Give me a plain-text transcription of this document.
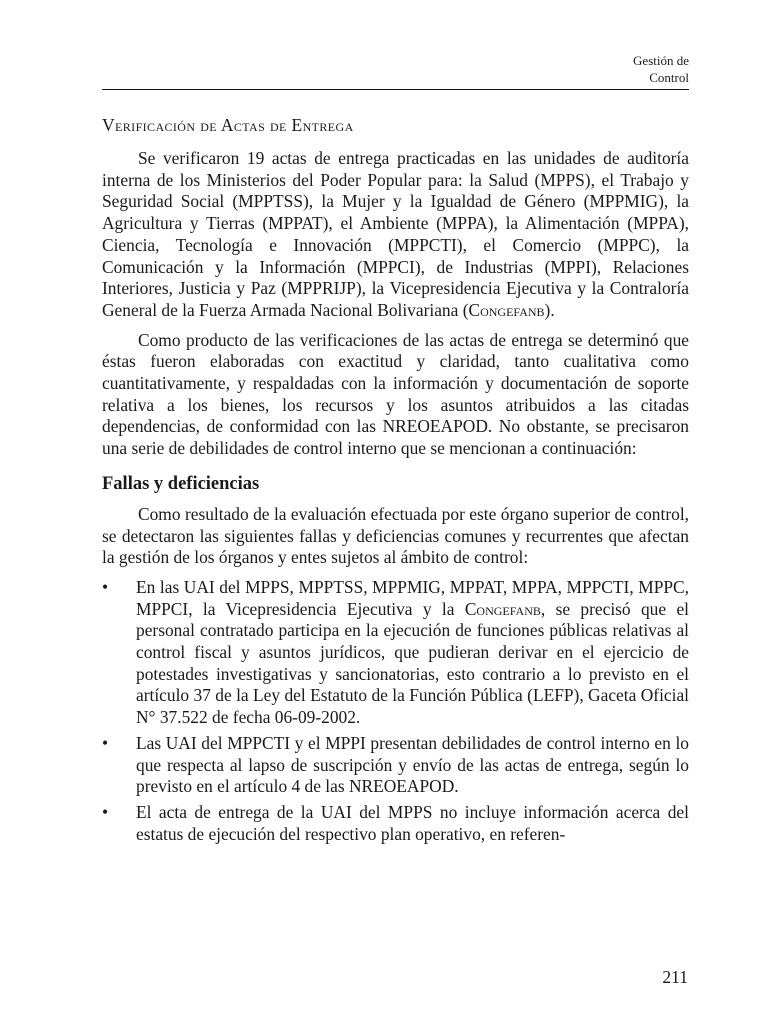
Gestión de
Control
Verificación de Actas de Entrega

Se verificaron 19 actas de entrega practicadas en las unidades de auditoría interna de los Ministerios del Poder Popular para: la Salud (MPPS), el Trabajo y Seguridad Social (MPPTSS), la Mujer y la Igualdad de Género (MPPMIG), la Agricultura y Tierras (MPPAT), el Ambiente (MPPA), la Alimentación (MPPA), Ciencia, Tecnología e Innovación (MPPCTI), el Comercio (MPPC), la Comunicación y la Información (MPPCI), de Industrias (MPPI), Relaciones Interiores, Justicia y Paz (MPPRIJP), la Vicepresidencia Ejecutiva y la Contraloría General de la Fuerza Armada Nacional Bolivariana (Congefanb).

Como producto de las verificaciones de las actas de entrega se determinó que éstas fueron elaboradas con exactitud y claridad, tanto cualitativa como cuantitativamente, y respaldadas con la información y documentación de soporte relativa a los bienes, los recursos y los asuntos atribuidos a las citadas dependencias, de conformidad con las NREOEAPOD. No obstante, se precisaron una serie de debilidades de control interno que se mencionan a continuación:

Fallas y deficiencias

Como resultado de la evaluación efectuada por este órgano superior de control, se detectaron las siguientes fallas y deficiencias comunes y recurrentes que afectan la gestión de los órganos y entes sujetos al ámbito de control:

• En las UAI del MPPS, MPPTSS, MPPMIG, MPPAT, MPPA, MPPCTI, MPPC, MPPCI, la Vicepresidencia Ejecutiva y la Congefanb, se precisó que el personal contratado participa en la ejecución de funciones públicas relativas al control fiscal y asuntos jurídicos, que pudieran derivar en el ejercicio de potestades investigativas y sancionatorias, esto contrario a lo previsto en el artículo 37 de la Ley del Estatuto de la Función Pública (LEFP), Gaceta Oficial N° 37.522 de fecha 06-09-2002.
• Las UAI del MPPCTI y el MPPI presentan debilidades de control interno en lo que respecta al lapso de suscripción y envío de las actas de entrega, según lo previsto en el artículo 4 de las NREOEAPOD.
• El acta de entrega de la UAI del MPPS no incluye información acerca del estatus de ejecución del respectivo plan operativo, en referen-
211
